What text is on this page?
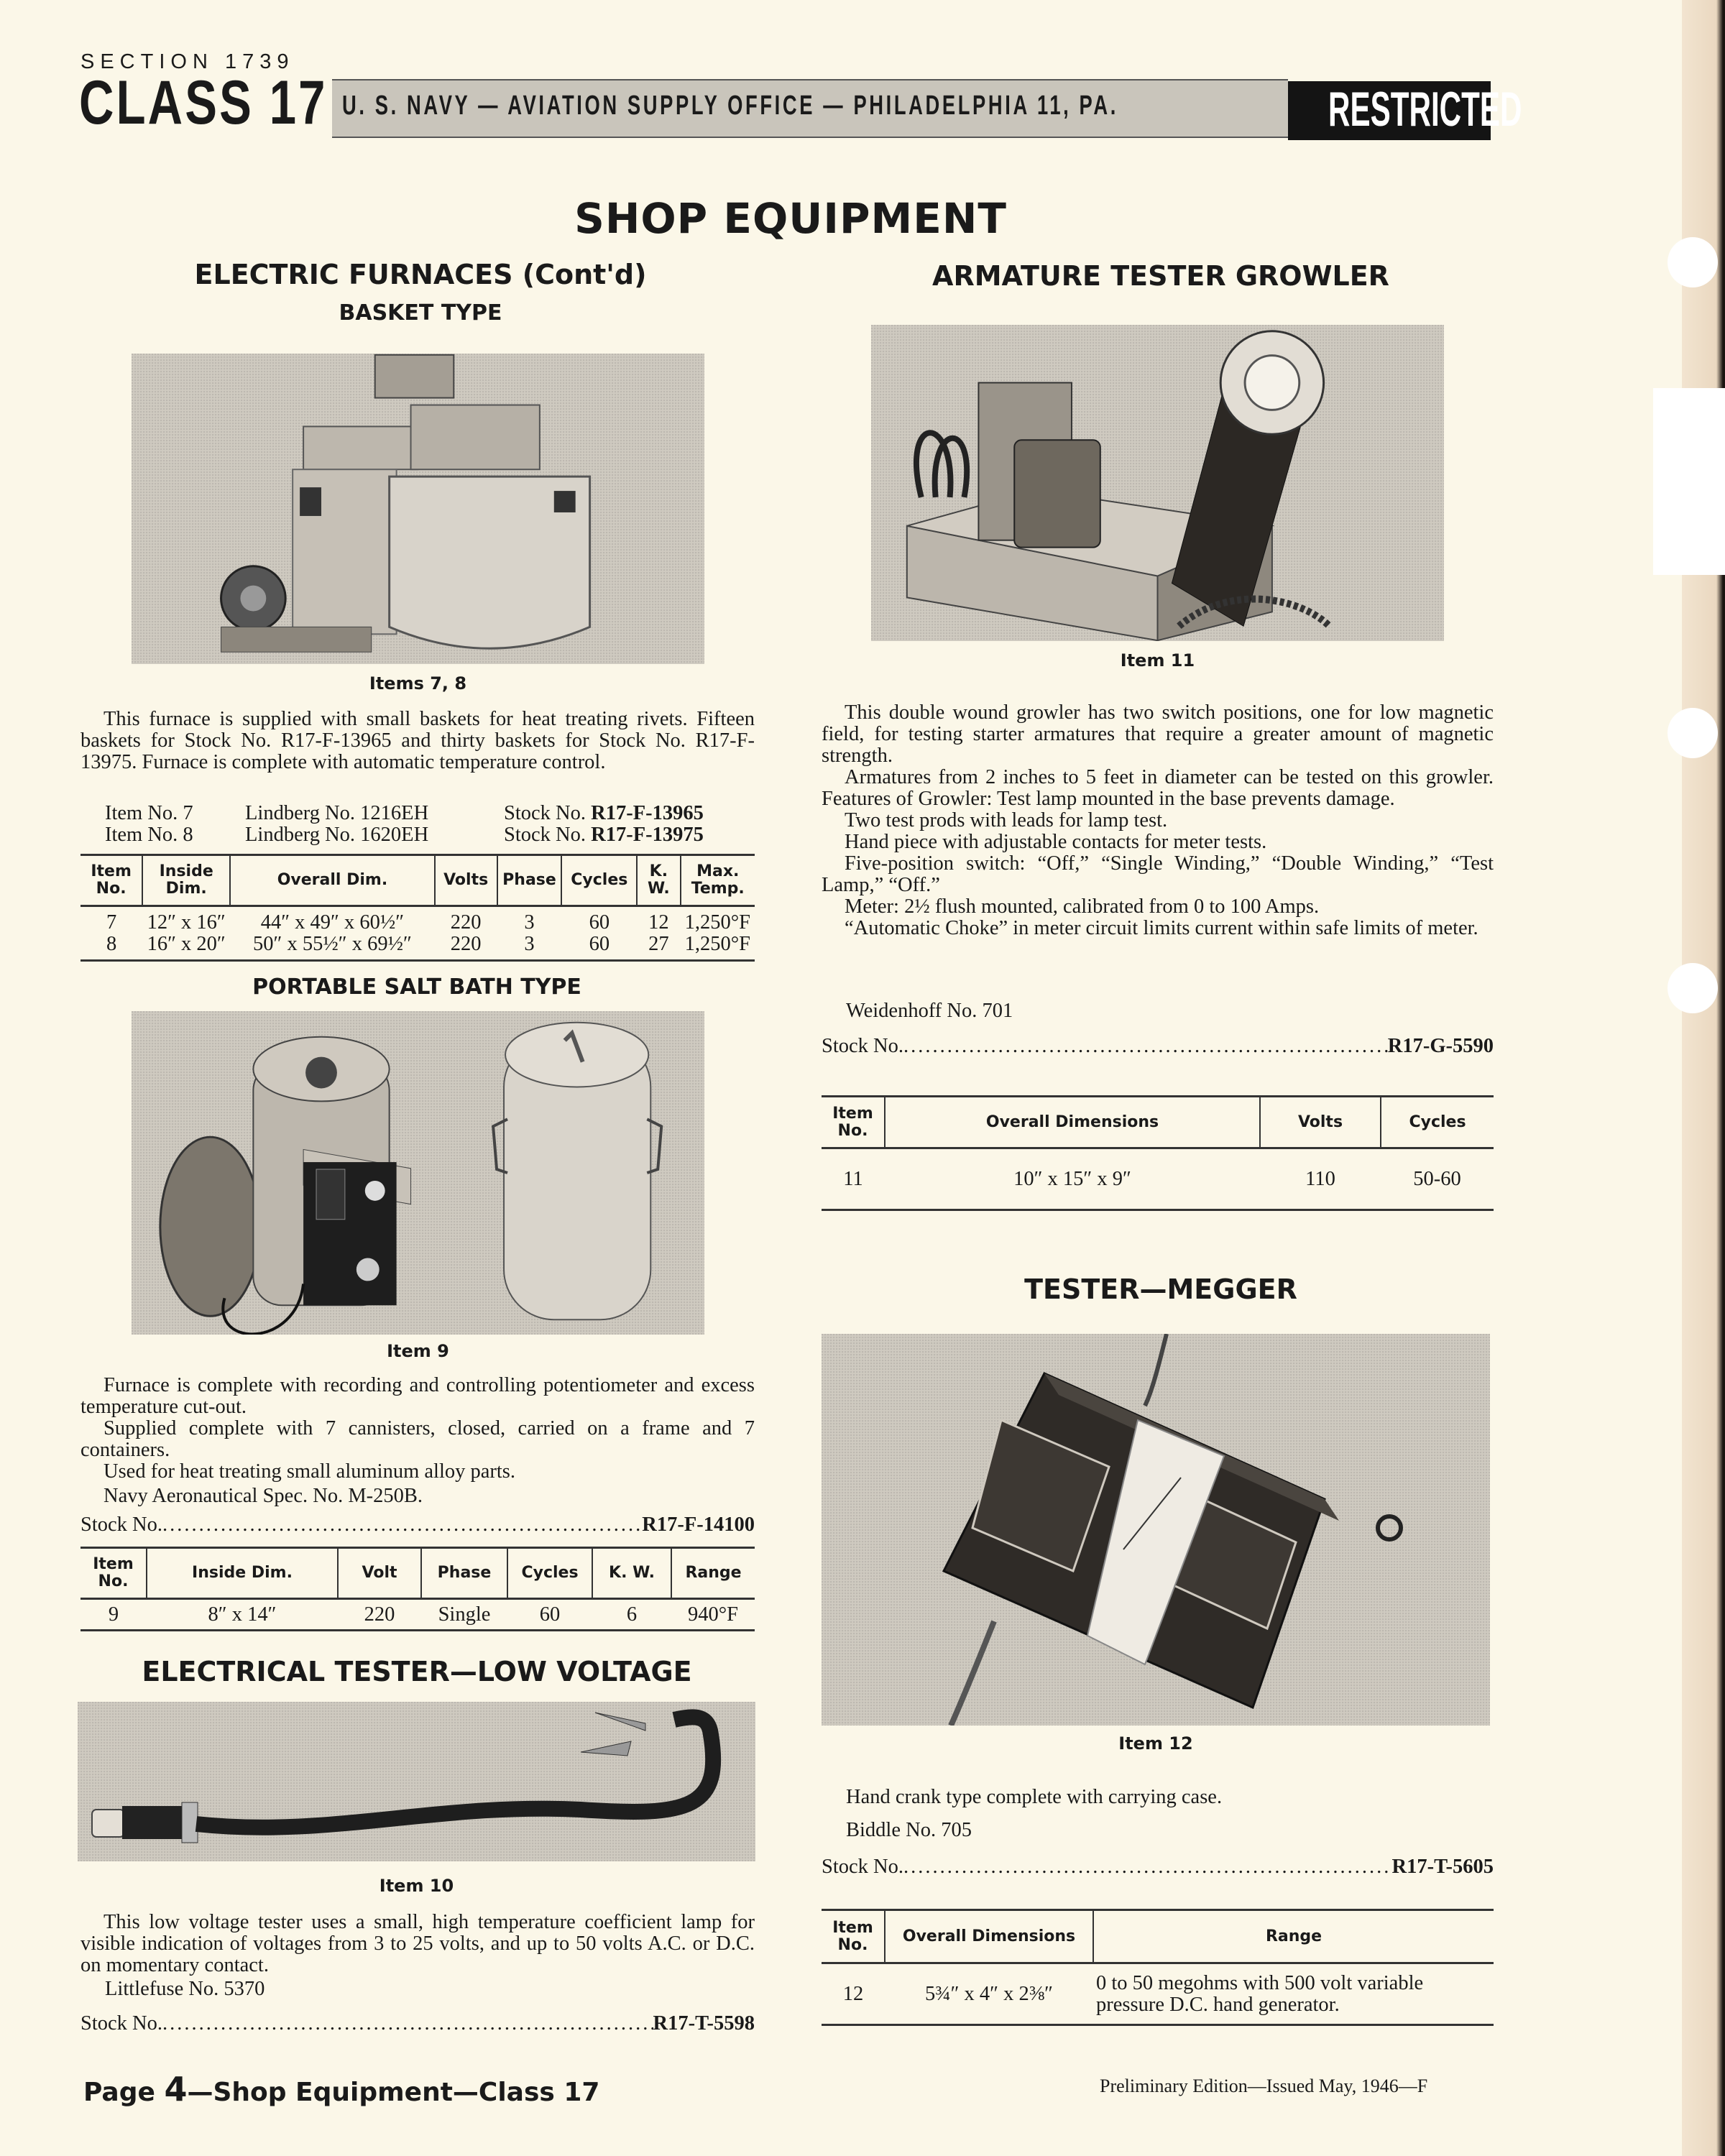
SECTION 1739
CLASS 17 U. S. NAVY — AVIATION SUPPLY OFFICE — PHILADELPHIA 11, PA.	RESTRICTED
SHOP EQUIPMENT
ELECTRIC FURNACES (Cont'd)
BASKET TYPE
Items 7, 8

This furnace is supplied with small baskets for heat treating rivets. Fifteen baskets for Stock No. R17-F-13965 and thirty baskets for Stock No. R17-F-13975. Furnace is complete with automatic temperature control.

Item No. 7	Lindberg No. 1216EH	Stock No. R17-F-13965
Item No. 8	Lindberg No. 1620EH	Stock No. R17-F-13975
Item No.	Inside Dim.	Overall Dim.	Volts	Phase	Cycles	K. W.	Max. Temp.
7	12″ x 16″	44″ x 49″ x 60½″	220	3	60	12	1,250°F
8	16″ x 20″	50″ x 55½″ x 69½″	220	3	60	27	1,250°F
PORTABLE SALT BATH TYPE
Item 9

Furnace is complete with recording and controlling potentiometer and excess temperature cut-out.

Supplied complete with 7 cannisters, closed, carried on a frame and 7 containers.

Used for heat treating small aluminum alloy parts.

Navy Aeronautical Spec. No. M-250B.

Stock No. .....	R17-F-14100
Item No.	Inside Dim.	Volt	Phase	Cycles	K. W.	Range
9	8″ x 14″	220	Single	60	6	940°F
ELECTRICAL TESTER—LOW VOLTAGE
Item 10

This low voltage tester uses a small, high temperature coefficient lamp for visible indication of voltages from 3 to 25 volts, and up to 50 volts A.C. or D.C. on momentary contact.

Littlefuse No. 5370
Stock No. .....	R17-T-5598
ARMATURE TESTER GROWLER
Item 11

This double wound growler has two switch positions, one for low magnetic field, for testing starter armatures that require a greater amount of magnetic strength.

Armatures from 2 inches to 5 feet in diameter can be tested on this growler. Features of Growler: Test lamp mounted in the base prevents damage.

Two test prods with leads for lamp test.

Hand piece with adjustable contacts for meter tests.

Five-position switch: “Off,” “Single Winding,” “Double Winding,” “Test Lamp,” “Off.”

Meter: 2½ flush mounted, calibrated from 0 to 100 Amps.

“Automatic Choke” in meter circuit limits current within safe limits of meter.

Weidenhoff No. 701
Stock No. .....	R17-G-5590
Item No.	Overall Dimensions	Volts	Cycles
11	10″ x 15″ x 9″	110	50-60
TESTER—MEGGER
Item 12
Hand crank type complete with carrying case.
Biddle No. 705
Stock No. .....	R17-T-5605
Item No.	Overall Dimensions	Range
12	5¾″ x 4″ x 2⅜″	0 to 50 megohms with 500 volt variable pressure D.C. hand generator.
Page 4—Shop Equipment—Class 17	Preliminary Edition—Issued May, 1946—F
